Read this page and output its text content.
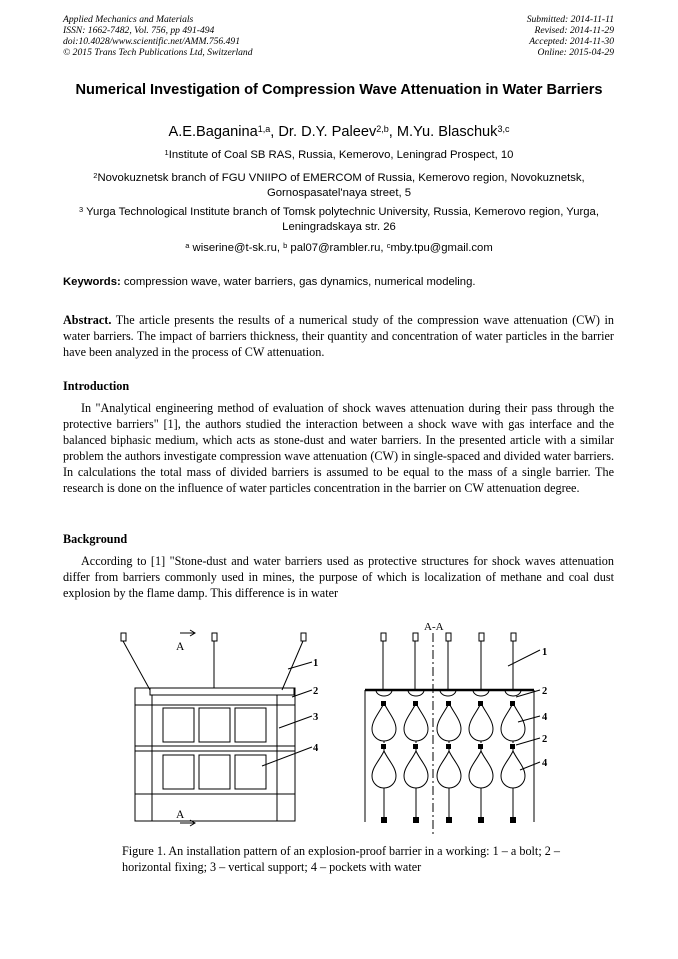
Applied Mechanics and Materials
ISSN: 1662-7482, Vol. 756, pp 491-494
doi:10.4028/www.scientific.net/AMM.756.491
© 2015 Trans Tech Publications Ltd, Switzerland
Submitted: 2014-11-11
Revised: 2014-11-29
Accepted: 2014-11-30
Online: 2015-04-29
Numerical Investigation of Compression Wave Attenuation in Water Barriers
A.E.Baganina$^{1,a}$, Dr. D.Y. Paleev$^{2,b}$, M.Yu. Blaschuk$^{3,c}$
$^1$Institute of Coal SB RAS, Russia, Kemerovo, Leningrad Prospect, 10
$^2$Novokuznetsk branch of FGU VNIIPO of EMERCOM of Russia, Kemerovo region, Novokuznetsk, Gornospasatel'naya street, 5
$^3$ Yurga Technological Institute branch of Tomsk polytechnic University, Russia, Kemerovo region, Yurga, Leningradskaya str. 26
$^a$ wiserine@t-sk.ru, $^b$ pal07@rambler.ru, $^c$mby.tpu@gmail.com
Keywords: compression wave, water barriers, gas dynamics, numerical modeling.

Abstract. The article presents the results of a numerical study of the compression wave attenuation (CW) in water barriers. The impact of barriers thickness, their quantity and concentration of water particles in the barrier have been analyzed in the process of CW attenuation.

Introduction

In "Analytical engineering method of evaluation of shock waves attenuation during their pass through the protective barriers" [1], the authors studied the interaction between a shock wave with gas interface and the balanced biphasic medium, which acts as stone-dust and water barriers. In the presented article with a similar problem the authors investigate compression wave attenuation (CW) in single-spaced and divided water barriers. In calculations the total mass of divided barriers is assumed to be equal to the mass of a single barrier. The research is done on the influence of water particles concentration in the barrier on CW attenuation degree.

Background

According to [1] "Stone-dust and water barriers used as protective structures for shock waves attenuation differ from barriers commonly used in mines, the purpose of which is localization of methane and coal dust explosion by the flame damp. This difference is in water

A
A
1
2
3
4
A-A
1
2
4
2
4
Figure 1. An installation pattern of an explosion-proof barrier in a working: 1 – a bolt; 2 – horizontal fixing; 3 – vertical support; 4 – pockets with water
